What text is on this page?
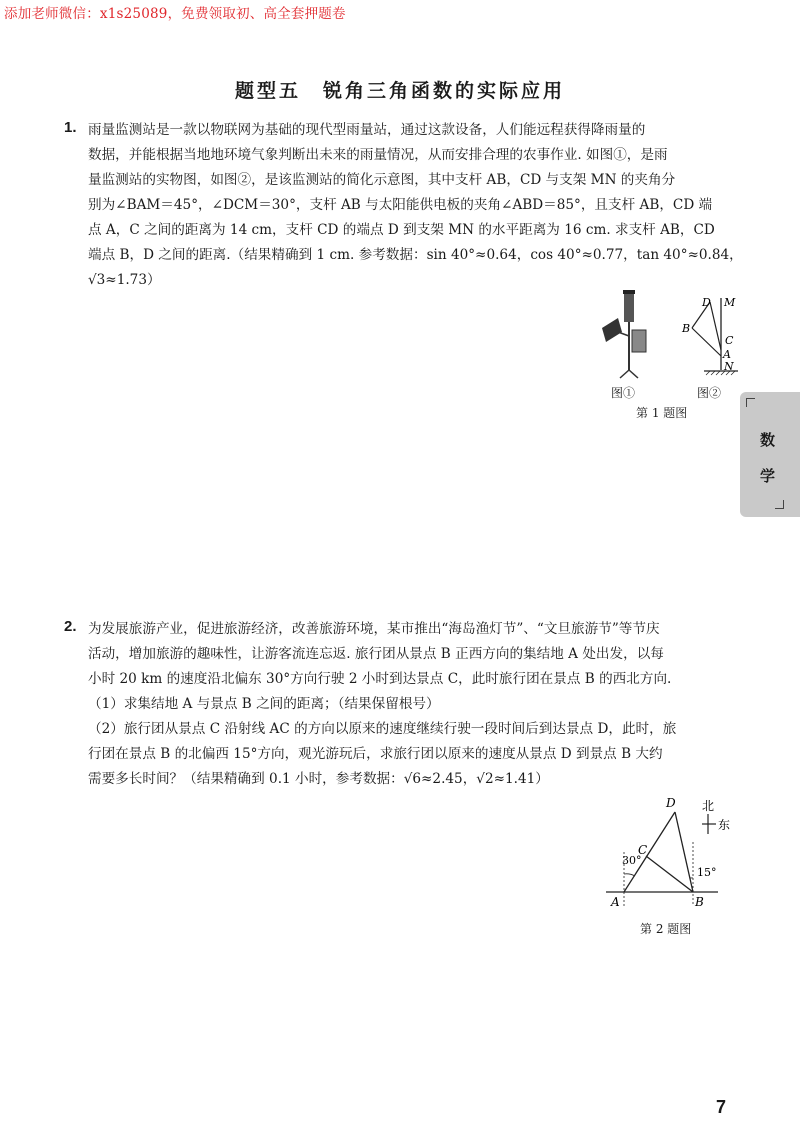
添加老师微信：x1s25089，免费领取初、高全套押题卷
题型五　锐角三角函数的实际应用
1. 雨量监测站是一款以物联网为基础的现代型雨量站，通过这款设备，人们能远程获得降雨量的
数据，并能根据当地地环境气象判断出未来的雨量情况，从而安排合理的农事作业. 如图①，是雨
量监测站的实物图，如图②，是该监测站的简化示意图，其中支杆 AB，CD 与支架 MN 的夹角分
别为∠BAM＝45°，∠DCM＝30°，支杆 AB 与太阳能供电板的夹角∠ABD＝85°，且支杆 AB，CD 端
点 A，C 之间的距离为 14 cm，支杆 CD 的端点 D 到支架 MN 的水平距离为 16 cm. 求支杆 AB，CD
端点 B，D 之间的距离.（结果精确到 1 cm. 参考数据：sin 40°≈0.64，cos 40°≈0.77，tan 40°≈0.84，
√3≈1.73）
图①
D M
B
C
A
N
图②
第 1 题图
数
学
2. 为发展旅游产业，促进旅游经济，改善旅游环境，某市推出“海岛渔灯节”、“文旦旅游节”等节庆
活动，增加旅游的趣味性，让游客流连忘返. 旅行团从景点 B 正西方向的集结地 A 处出发，以每
小时 20 km 的速度沿北偏东 30°方向行驶 2 小时到达景点 C，此时旅行团在景点 B 的西北方向.
（1）求集结地 A 与景点 B 之间的距离；（结果保留根号）
（2）旅行团从景点 C 沿射线 AC 的方向以原来的速度继续行驶一段时间后到达景点 D，此时，旅
行团在景点 B 的北偏西 15°方向，观光游玩后，求旅行团以原来的速度从景点 D 到景点 B 大约
需要多长时间？（结果精确到 0.1 小时，参考数据：√6≈2.45，√2≈1.41）
北
东
D
C
30°
15°
A	B
第 2 题图
7
